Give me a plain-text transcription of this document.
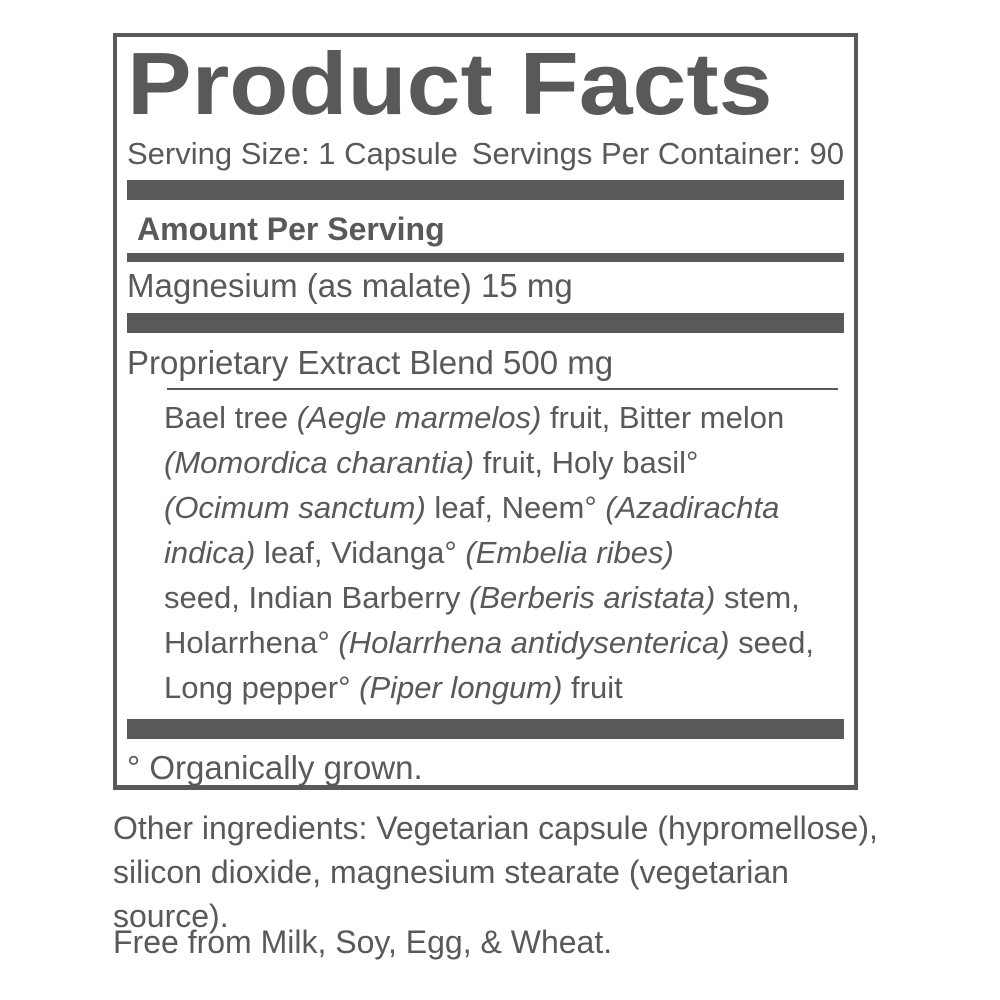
Product Facts
Serving Size: 1 Capsule Servings Per Container: 90
Amount Per Serving
Magnesium (as malate) 15 mg
Proprietary Extract Blend 500 mg
Bael tree (Aegle marmelos) fruit, Bitter melon
(Momordica charantia) fruit, Holy basil°
(Ocimum sanctum) leaf, Neem° (Azadirachta
indica) leaf, Vidanga° (Embelia ribes)
seed, Indian Barberry (Berberis aristata) stem,
Holarrhena° (Holarrhena antidysenterica) seed,
Long pepper° (Piper longum) fruit
° Organically grown.
Other ingredients: Vegetarian capsule (hypromellose),
silicon dioxide, magnesium stearate (vegetarian source).
Free from Milk, Soy, Egg, & Wheat.
